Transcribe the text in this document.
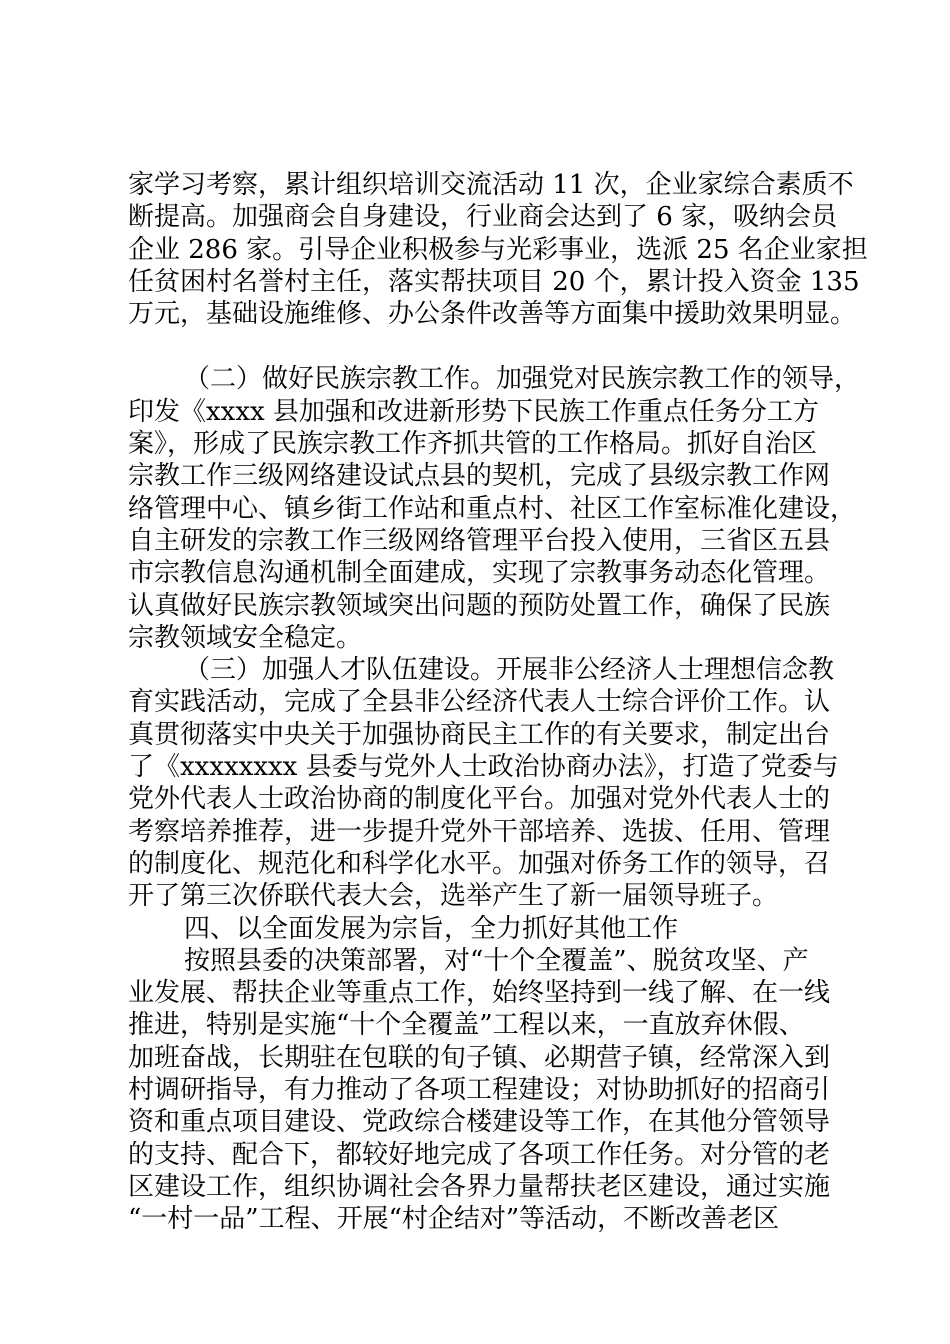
家学习考察，累计组织培训交流活动 11 次，企业家综合素质不
断提高。加强商会自身建设，行业商会达到了 6 家，吸纳会员
企业 286 家。引导企业积极参与光彩事业，选派 25 名企业家担
任贫困村名誉村主任，落实帮扶项目 20 个，累计投入资金 135
万元，基础设施维修、办公条件改善等方面集中援助效果明显。
（二）做好民族宗教工作。加强党对民族宗教工作的领导，
印发《xxxx 县加强和改进新形势下民族工作重点任务分工方
案》，形成了民族宗教工作齐抓共管的工作格局。抓好自治区
宗教工作三级网络建设试点县的契机，完成了县级宗教工作网
络管理中心、镇乡街工作站和重点村、社区工作室标准化建设，
自主研发的宗教工作三级网络管理平台投入使用，三省区五县
市宗教信息沟通机制全面建成，实现了宗教事务动态化管理。
认真做好民族宗教领域突出问题的预防处置工作，确保了民族
宗教领域安全稳定。
（三）加强人才队伍建设。开展非公经济人士理想信念教
育实践活动，完成了全县非公经济代表人士综合评价工作。认
真贯彻落实中央关于加强协商民主工作的有关要求，制定出台
了《xxxxxxxx 县委与党外人士政治协商办法》，打造了党委与
党外代表人士政治协商的制度化平台。加强对党外代表人士的
考察培养推荐，进一步提升党外干部培养、选拔、任用、管理
的制度化、规范化和科学化水平。加强对侨务工作的领导，召
开了第三次侨联代表大会，选举产生了新一届领导班子。
四、以全面发展为宗旨，全力抓好其他工作
按照县委的决策部署，对“十个全覆盖”、脱贫攻坚、产
业发展、帮扶企业等重点工作，始终坚持到一线了解、在一线
推进，特别是实施“十个全覆盖”工程以来，一直放弃休假、
加班奋战，长期驻在包联的旬子镇、必期营子镇，经常深入到
村调研指导，有力推动了各项工程建设；对协助抓好的招商引
资和重点项目建设、党政综合楼建设等工作，在其他分管领导
的支持、配合下，都较好地完成了各项工作任务。对分管的老
区建设工作，组织协调社会各界力量帮扶老区建设，通过实施
“一村一品”工程、开展“村企结对”等活动，不断改善老区
